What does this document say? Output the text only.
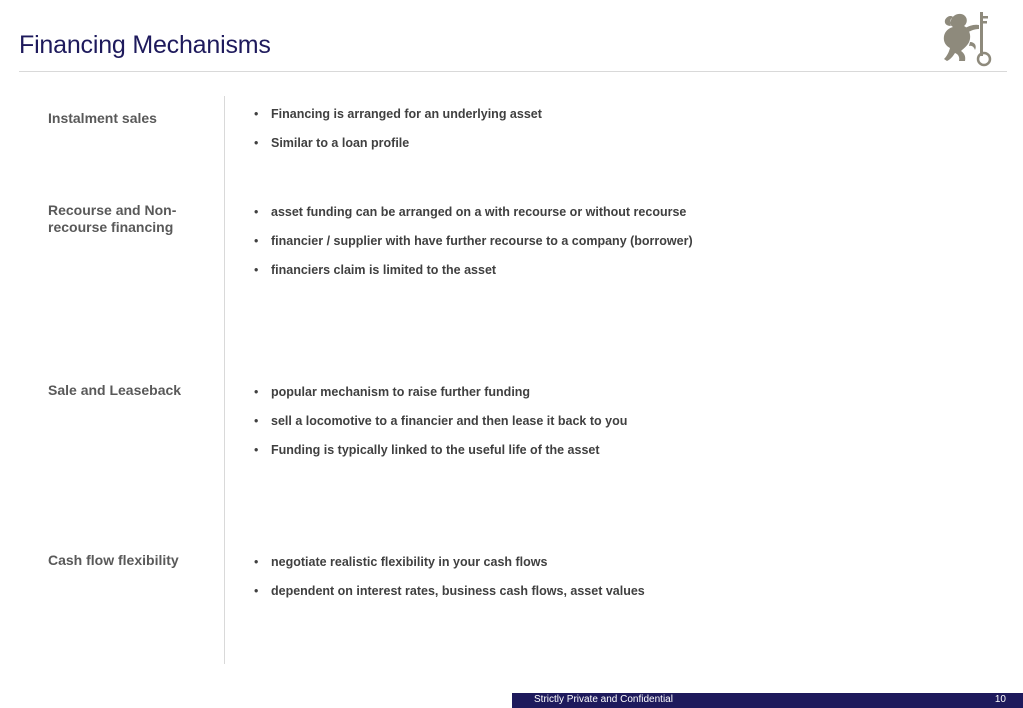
Financing Mechanisms
Instalment sales	• Financing is arranged for an underlying asset
• Similar to a loan profile
Recourse and Non-recourse financing
• asset funding can be arranged on a with recourse or without recourse
• financier / supplier with have further recourse to a company (borrower)
• financiers claim is limited to the asset
Sale and Leaseback	• popular mechanism to raise further funding
• sell a locomotive to a financier and then lease it back to you
• Funding is typically linked to the useful life of the asset
Cash flow flexibility	• negotiate realistic flexibility in your cash flows
• dependent on interest rates, business cash flows, asset values
Strictly Private and Confidential	10
